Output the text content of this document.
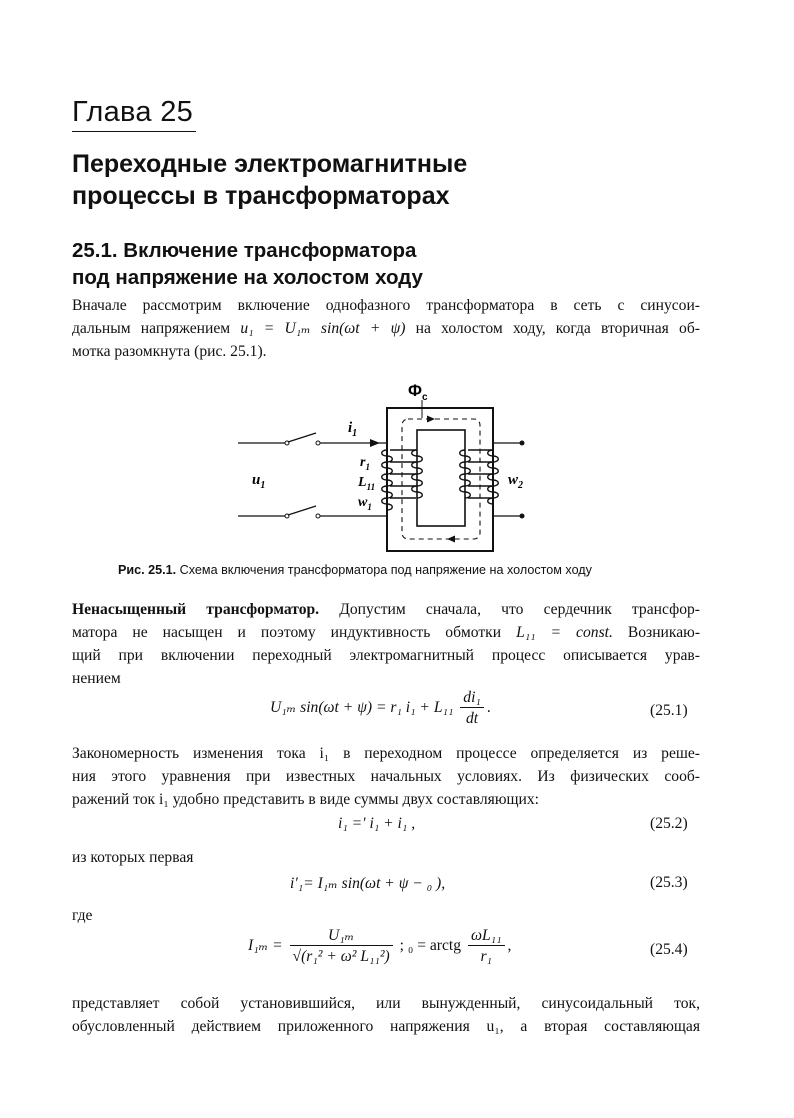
Глава 25
Переходные электромагнитные
процессы в трансформаторах
25.1. Включение трансформатора
под напряжение на холостом ходу
Вначале рассмотрим включение однофазного трансформатора в сеть с синусои-
дальным напряжением u₁ = U₁ₘ sin(ωt + ψ) на холостом ходу, когда вторичная об-
мотка разомкнута (рис. 25.1).
$\Phi_c$
$i_1$
$u_1$
$r_1$
$L_{11}$
$w_1$
$w_2$
Рис. 25.1. Схема включения трансформатора под напряжение на холостом ходу
Ненасыщенный трансформатор. Допустим сначала, что сердечник трансфор-
матора не насыщен и поэтому индуктивность обмотки L₁₁ = const. Возникаю-
щий при включении переходный электромагнитный процесс описывается урав-
нением
U₁ₘ sin(ωt + ψ) = r₁ $i_1 + L_{11} \frac{\text{di₁}}{dt}$ .	(25.1)
Закономерность изменения тока i₁ в переходном процессе определяется из реше-
ния этого уравнения при известных начальных условиях. Из физических сооб-
ражений ток i₁ удобно представить в виде суммы двух составляющих:
i₁ =′ i₁ + i₁ ,	(25.2)
из которых первая
i′₁= I₁ₘ sin(ωt + ψ − ₀ ),	(25.3)
где
$I_{1m} = \frac{\text{U₁ₘ}}{\text{√(r₁² + ω² L₁₁²)}}$ ; ₀ = arctg $\frac{\text{ωL₁₁}}{\text{r₁}}$ ,	(25.4)
представляет собой установившийся, или вынужденный, синусоидальный ток,
обусловленный действием приложенного напряжения u₁, а вторая составляющая
